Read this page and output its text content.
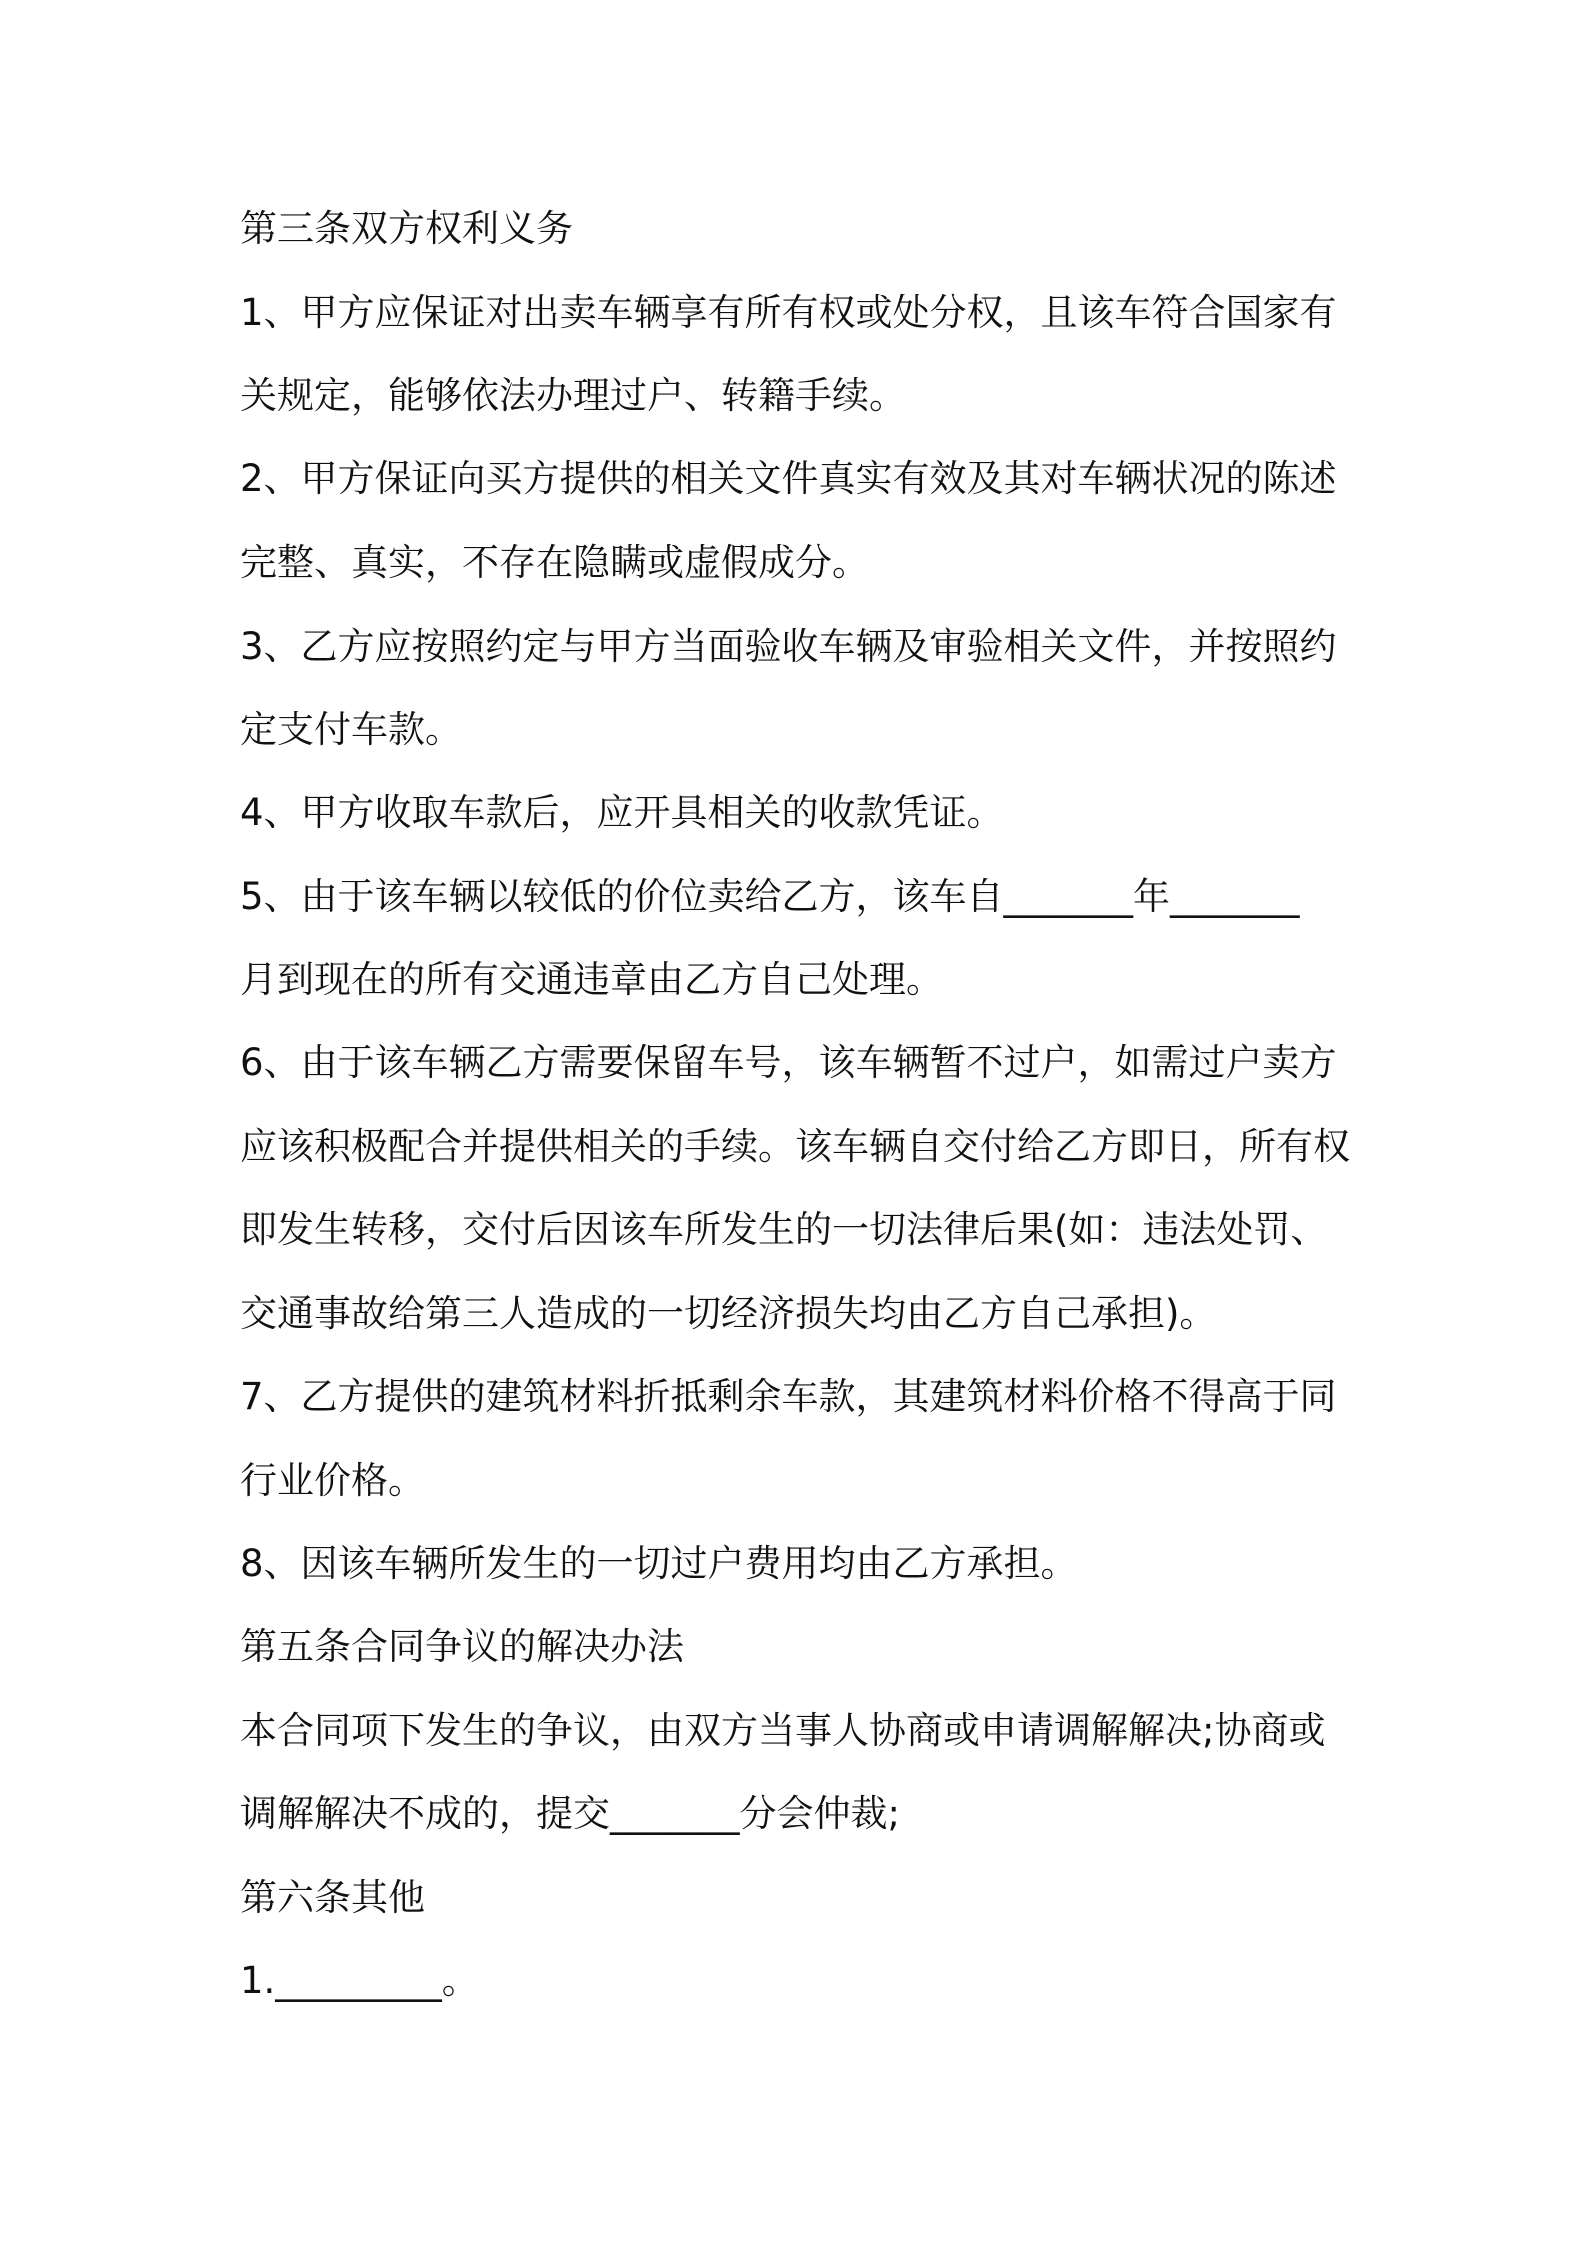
第三条双方权利义务
1、甲方应保证对出卖车辆享有所有权或处分权，且该车符合国家有
关规定，能够依法办理过户、转籍手续。
2、甲方保证向买方提供的相关文件真实有效及其对车辆状况的陈述
完整、真实，不存在隐瞒或虚假成分。
3、乙方应按照约定与甲方当面验收车辆及审验相关文件，并按照约
定支付车款。
4、甲方收取车款后，应开具相关的收款凭证。
5、由于该车辆以较低的价位卖给乙方，该车自_______年_______
月到现在的所有交通违章由乙方自己处理。
6、由于该车辆乙方需要保留车号，该车辆暂不过户，如需过户卖方
应该积极配合并提供相关的手续。该车辆自交付给乙方即日，所有权
即发生转移，交付后因该车所发生的一切法律后果(如：违法处罚、
交通事故给第三人造成的一切经济损失均由乙方自己承担)。
7、乙方提供的建筑材料折抵剩余车款，其建筑材料价格不得高于同
行业价格。
8、因该车辆所发生的一切过户费用均由乙方承担。
第五条合同争议的解决办法
本合同项下发生的争议，由双方当事人协商或申请调解解决;协商或
调解解决不成的，提交_______分会仲裁;
第六条其他
1._________。
